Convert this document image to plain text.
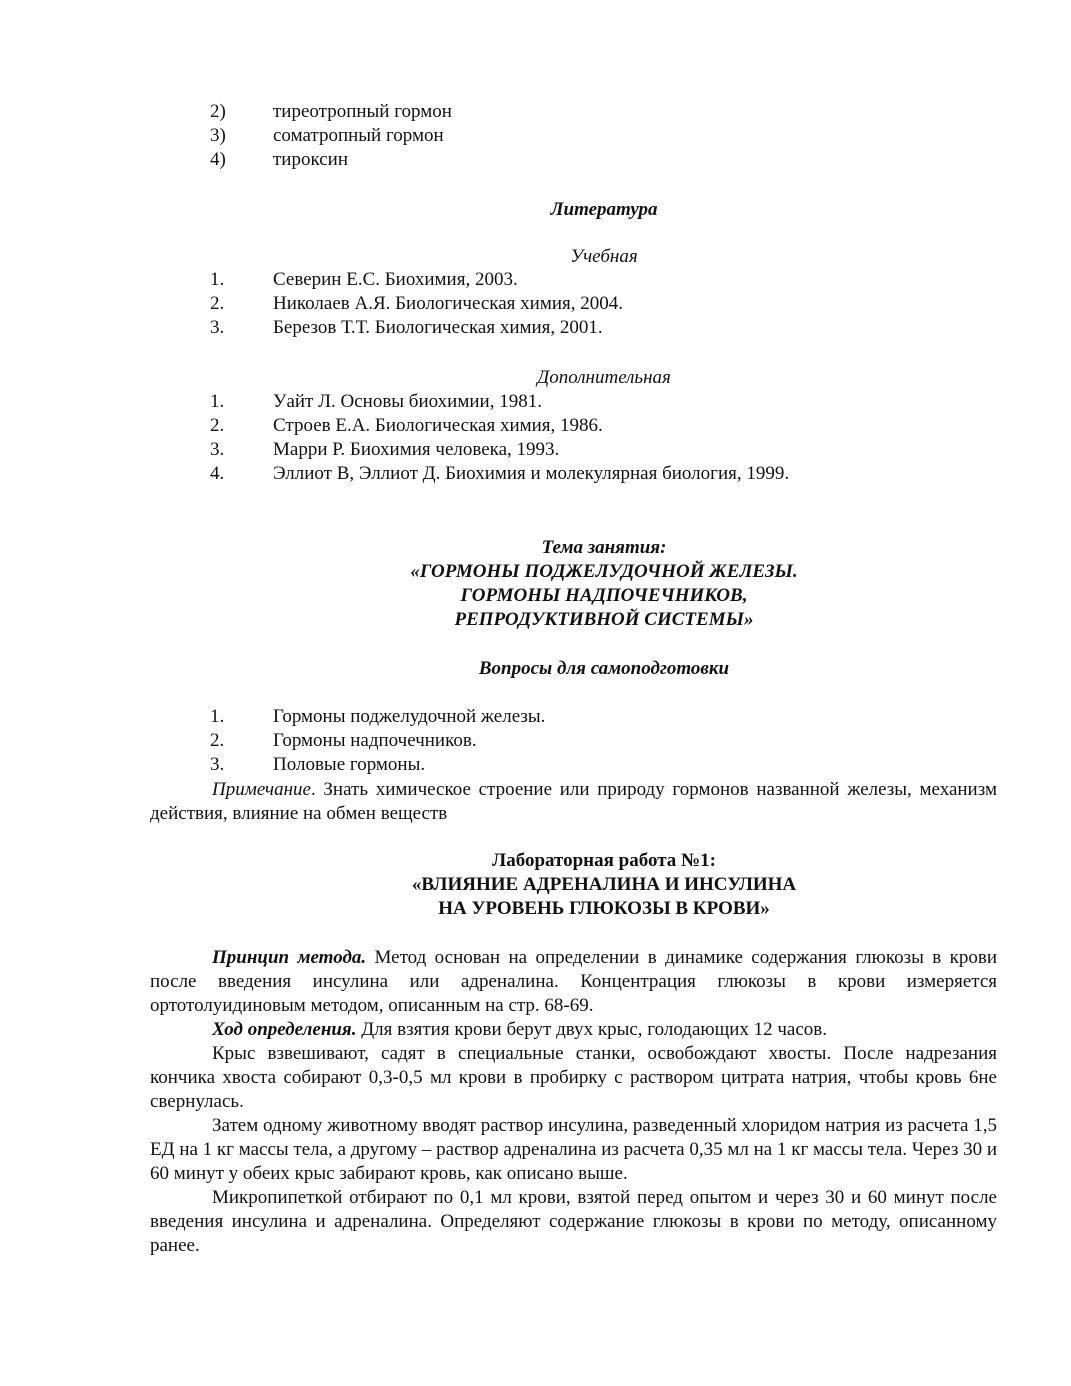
2)	тиреотропный гормон
3)	соматропный гормон
4)	тироксин
Литература
Учебная
1.	Северин Е.С. Биохимия, 2003.
2.	Николаев А.Я. Биологическая химия, 2004.
3.	Березов Т.Т. Биологическая химия, 2001.
Дополнительная
1.	Уайт Л. Основы биохимии, 1981.
2.	Строев Е.А. Биологическая химия, 1986.
3.	Марри Р. Биохимия человека, 1993.
4.	Эллиот В, Эллиот Д. Биохимия и молекулярная биология, 1999.
Тема занятия:
«ГОРМОНЫ ПОДЖЕЛУДОЧНОЙ ЖЕЛЕЗЫ.
ГОРМОНЫ НАДПОЧЕЧНИКОВ,
РЕПРОДУКТИВНОЙ СИСТЕМЫ»
Вопросы для самоподготовки
1.	Гормоны поджелудочной железы.
2.	Гормоны надпочечников.
3.	Половые гормоны.

Примечание. Знать химическое строение или природу гормонов названной железы, механизм действия, влияние на обмен веществ

Лабораторная работа №1:
«ВЛИЯНИЕ АДРЕНАЛИНА И ИНСУЛИНА
НА УРОВЕНЬ ГЛЮКОЗЫ В КРОВИ»

Принцип метода. Метод основан на определении в динамике содержания глюкозы в крови после введения инсулина или адреналина. Концентрация глюкозы в крови измеряется ортотолуидиновым методом, описанным на стр. 68-69.

Ход определения. Для взятия крови берут двух крыс, голодающих 12 часов.

Крыс взвешивают, садят в специальные станки, освобождают хвосты. После надрезания кончика хвоста собирают 0,3-0,5 мл крови в пробирку с раствором цитрата натрия, чтобы кровь 6не свернулась.

Затем одному животному вводят раствор инсулина, разведенный хлоридом натрия из расчета 1,5 ЕД на 1 кг массы тела, а другому – раствор адреналина из расчета 0,35 мл на 1 кг массы тела. Через 30 и 60 минут у обеих крыс забирают кровь, как описано выше.

Микропипеткой отбирают по 0,1 мл крови, взятой перед опытом и через 30 и 60 минут после введения инсулина и адреналина. Определяют содержание глюкозы в крови по методу, описанному ранее.
